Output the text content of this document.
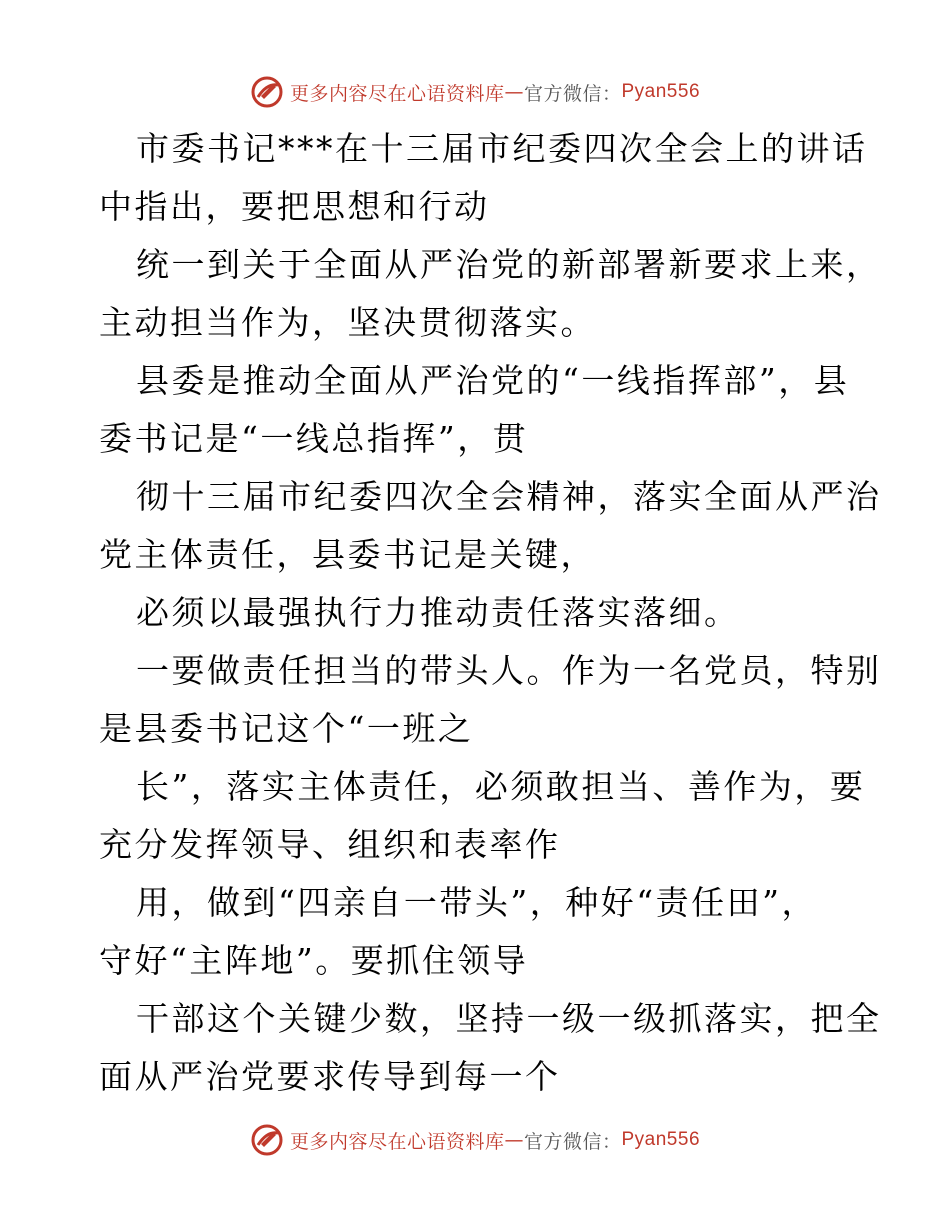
更多内容尽在心语资料库 — 官方微信： Pyan556
市委书记***在十三届市纪委四次全会上的讲话
中指出，要把思想和行动
统一到关于全面从严治党的新部署新要求上来，
主动担当作为，坚决贯彻落实。
县委是推动全面从严治党的“一线指挥部”，县
委书记是“一线总指挥”，贯
彻十三届市纪委四次全会精神，落实全面从严治
党主体责任，县委书记是关键，
必须以最强执行力推动责任落实落细。
一要做责任担当的带头人。作为一名党员，特别
是县委书记这个“一班之
长”，落实主体责任，必须敢担当、善作为，要
充分发挥领导、组织和表率作
用，做到“四亲自一带头”，种好“责任田”，
守好“主阵地”。要抓住领导
干部这个关键少数，坚持一级一级抓落实，把全
面从严治党要求传导到每一个
更多内容尽在心语资料库 — 官方微信： Pyan556
